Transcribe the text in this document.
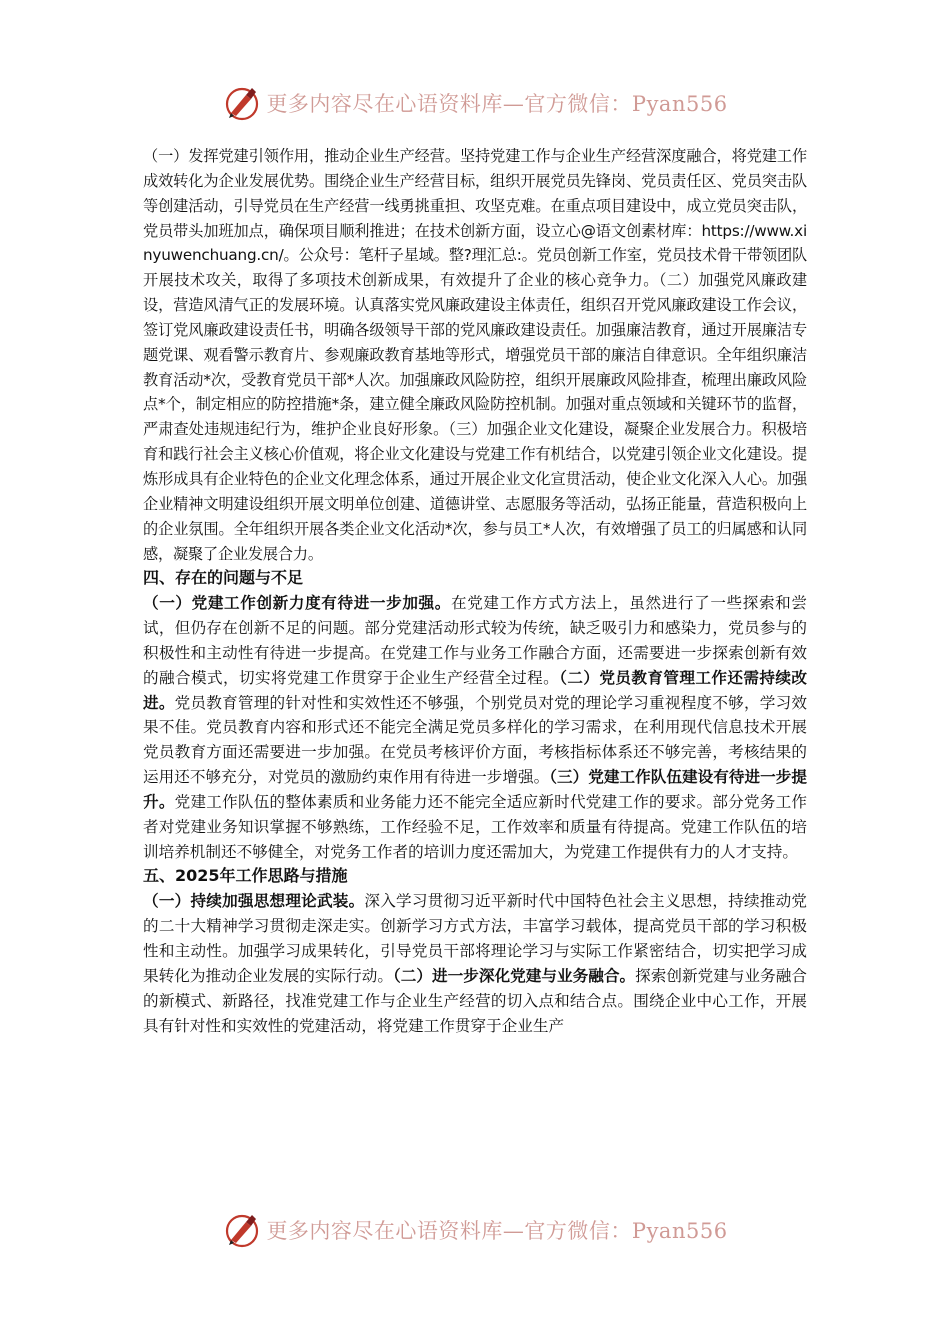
更多内容尽在心语资料库—官方微信：Pyan556

（一）发挥党建引领作用，推动企业生产经营。坚持党建工作与企业生产经营深度融合，将党建工作成效转化为企业发展优势。围绕企业生产经营目标，组织开展党员先锋岗、党员责任区、党员突击队等创建活动，引导党员在生产经营一线勇挑重担、攻坚克难。在重点项目建设中，成立党员突击队，党员带头加班加点，确保项目顺利推进；在技术创新方面，设立心@语文创素材库：https://www.xinyuwenchuang.cn/。公众号：笔杆子星域。整?理汇总:。党员创新工作室，党员技术骨干带领团队开展技术攻关，取得了多项技术创新成果，有效提升了企业的核心竞争力。（二）加强党风廉政建设，营造风清气正的发展环境。认真落实党风廉政建设主体责任，组织召开党风廉政建设工作会议，签订党风廉政建设责任书，明确各级领导干部的党风廉政建设责任。加强廉洁教育，通过开展廉洁专题党课、观看警示教育片、参观廉政教育基地等形式，增强党员干部的廉洁自律意识。全年组织廉洁教育活动*次，受教育党员干部*人次。加强廉政风险防控，组织开展廉政风险排查，梳理出廉政风险点*个，制定相应的防控措施*条，建立健全廉政风险防控机制。加强对重点领域和关键环节的监督，严肃查处违规违纪行为，维护企业良好形象。（三）加强企业文化建设，凝聚企业发展合力。积极培育和践行社会主义核心价值观，将企业文化建设与党建工作有机结合，以党建引领企业文化建设。提炼形成具有企业特色的企业文化理念体系，通过开展企业文化宣贯活动，使企业文化深入人心。加强企业精神文明建设组织开展文明单位创建、道德讲堂、志愿服务等活动，弘扬正能量，营造积极向上的企业氛围。全年组织开展各类企业文化活动*次，参与员工*人次，有效增强了员工的归属感和认同感，凝聚了企业发展合力。

四、存在的问题与不足

（一）党建工作创新力度有待进一步加强。在党建工作方式方法上，虽然进行了一些探索和尝试，但仍存在创新不足的问题。部分党建活动形式较为传统，缺乏吸引力和感染力，党员参与的积极性和主动性有待进一步提高。在党建工作与业务工作融合方面，还需要进一步探索创新有效的融合模式，切实将党建工作贯穿于企业生产经营全过程。（二）党员教育管理工作还需持续改进。党员教育管理的针对性和实效性还不够强，个别党员对党的理论学习重视程度不够，学习效果不佳。党员教育内容和形式还不能完全满足党员多样化的学习需求，在利用现代信息技术开展党员教育方面还需要进一步加强。在党员考核评价方面，考核指标体系还不够完善，考核结果的运用还不够充分，对党员的激励约束作用有待进一步增强。（三）党建工作队伍建设有待进一步提升。党建工作队伍的整体素质和业务能力还不能完全适应新时代党建工作的要求。部分党务工作者对党建业务知识掌握不够熟练，工作经验不足，工作效率和质量有待提高。党建工作队伍的培训培养机制还不够健全，对党务工作者的培训力度还需加大，为党建工作提供有力的人才支持。

五、2025年工作思路与措施

（一）持续加强思想理论武装。深入学习贯彻习近平新时代中国特色社会主义思想，持续推动党的二十大精神学习贯彻走深走实。创新学习方式方法，丰富学习载体，提高党员干部的学习积极性和主动性。加强学习成果转化，引导党员干部将理论学习与实际工作紧密结合，切实把学习成果转化为推动企业发展的实际行动。（二）进一步深化党建与业务融合。探索创新党建与业务融合的新模式、新路径，找准党建工作与企业生产经营的切入点和结合点。围绕企业中心工作，开展具有针对性和实效性的党建活动，将党建工作贯穿于企业生产

更多内容尽在心语资料库—官方微信：Pyan556
